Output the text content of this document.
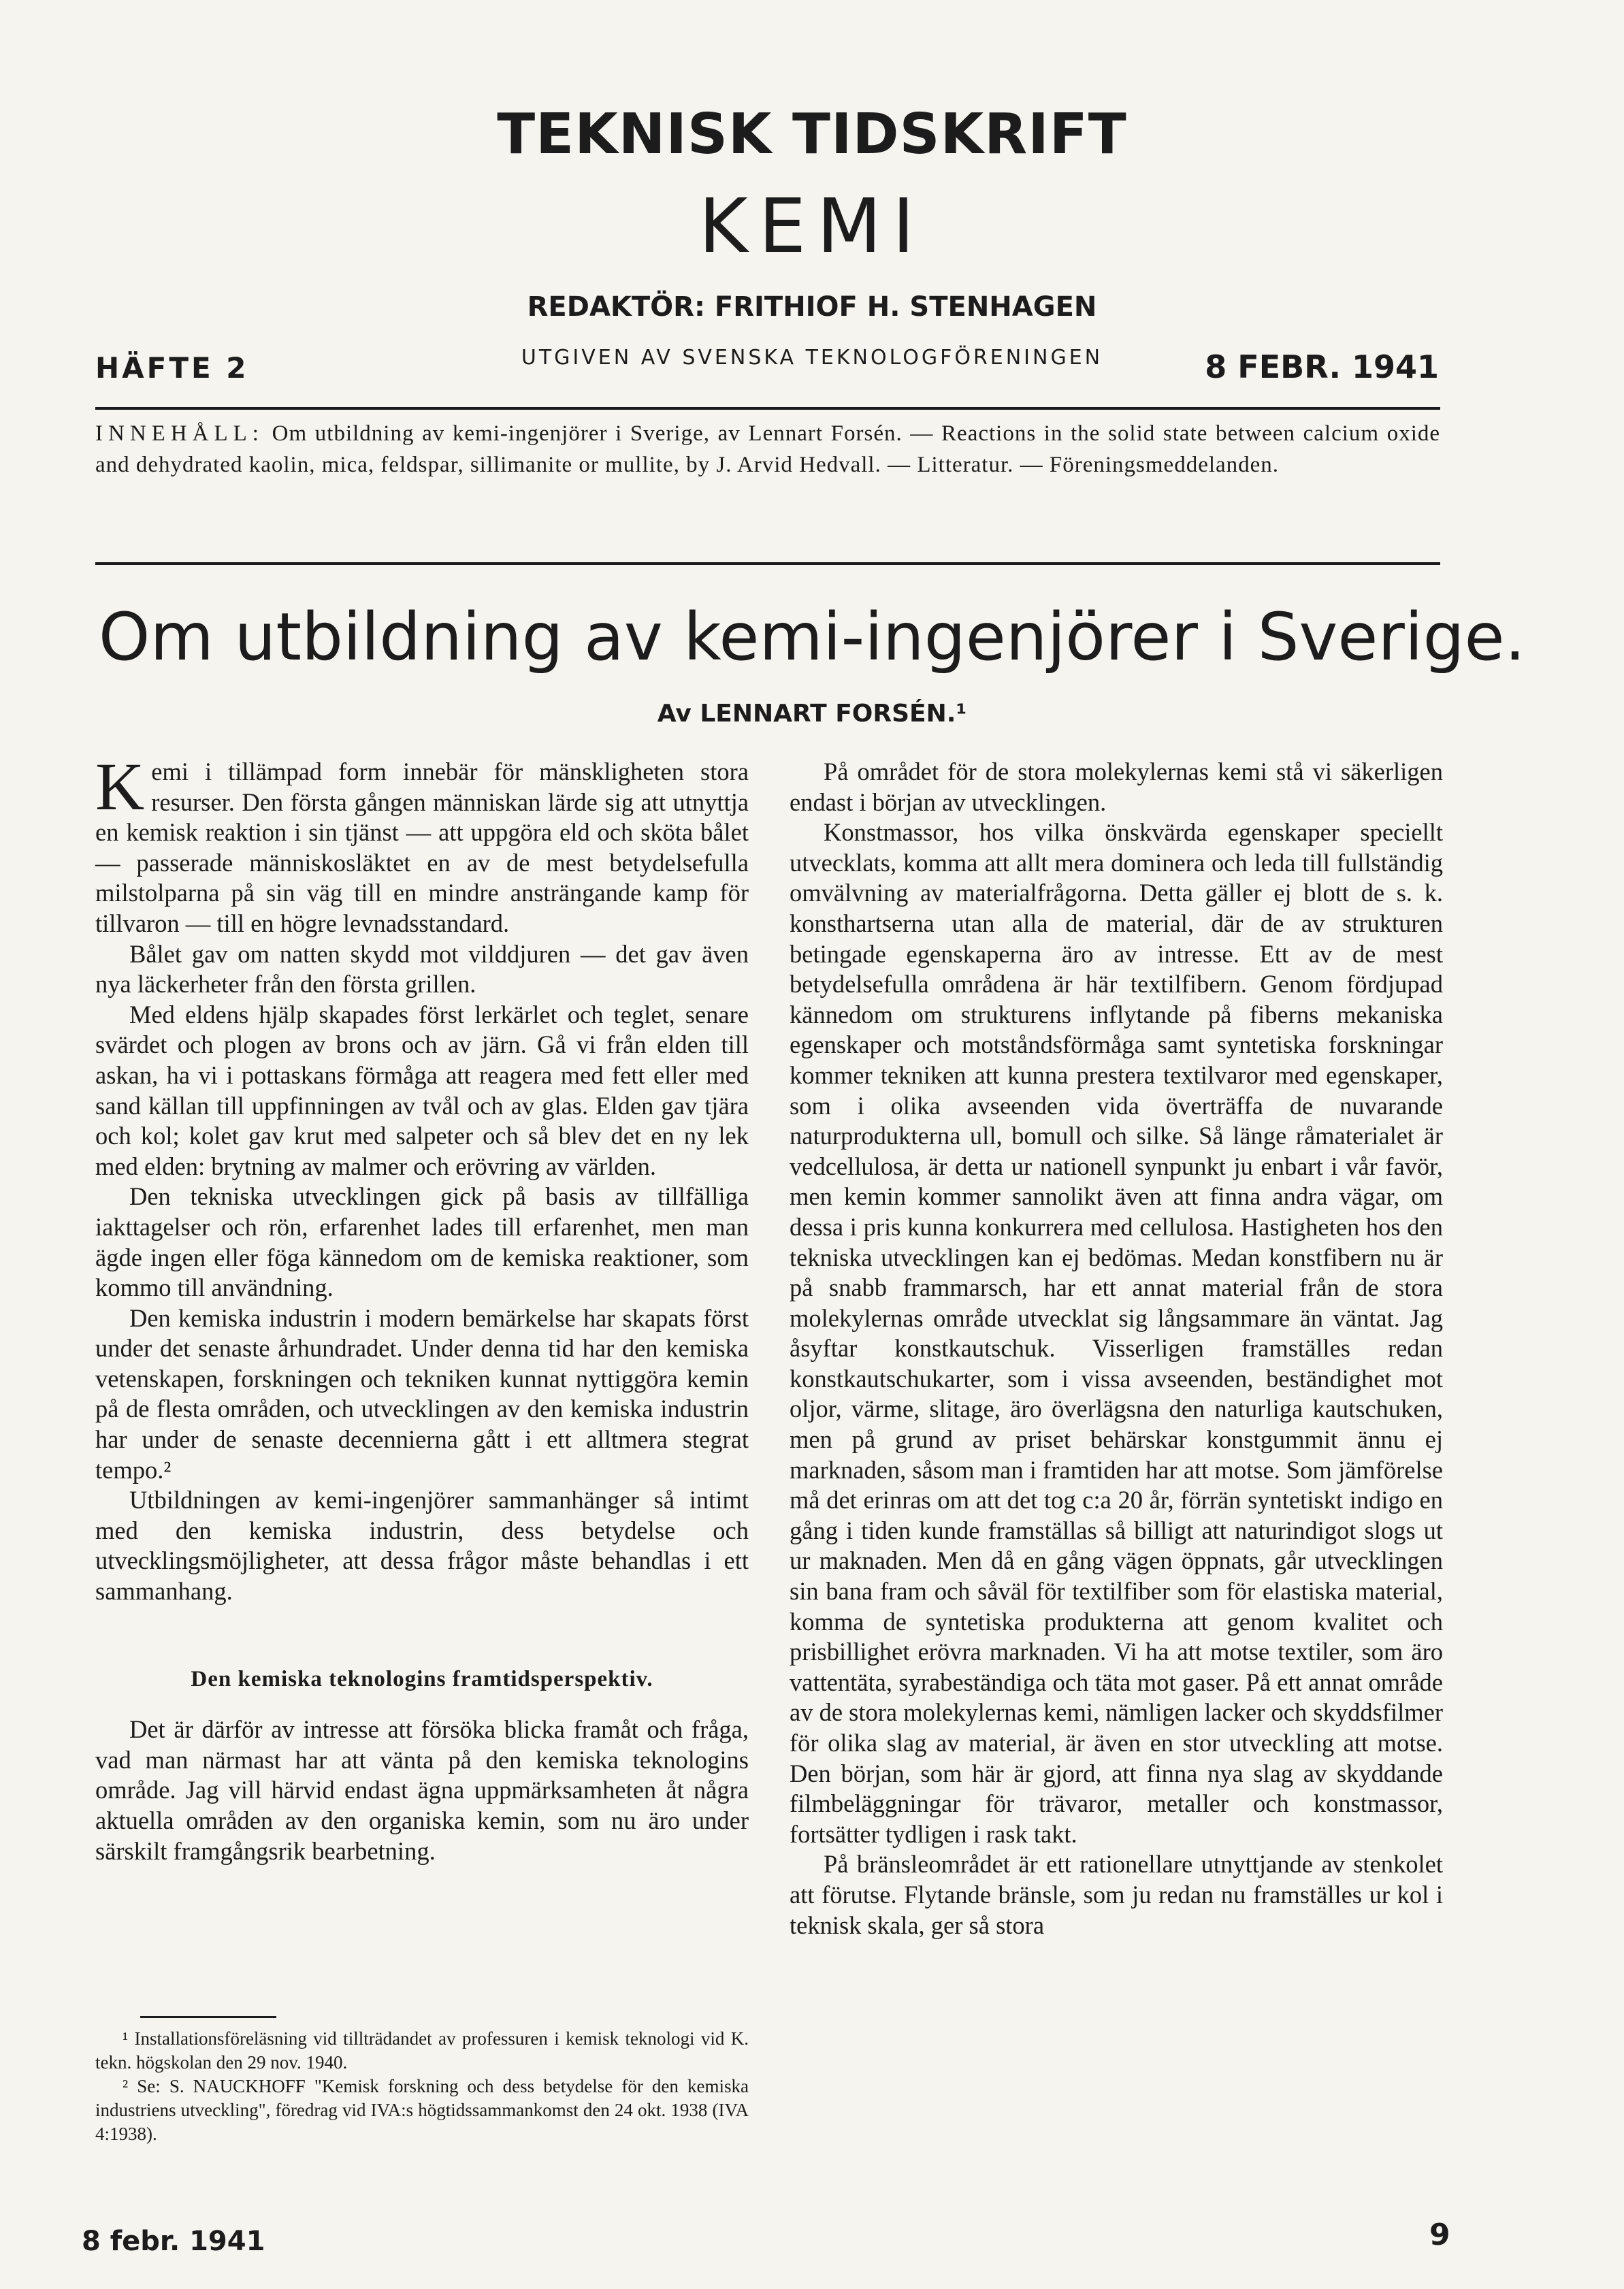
TEKNISK TIDSKRIFT
KEMI
REDAKTÖR: FRITHIOF H. STENHAGEN
HÄFTE 2	UTGIVEN AV SVENSKA TEKNOLOGFÖRENINGEN	8 FEBR. 1941
INNEHÅLL: Om utbildning av kemi-ingenjörer i Sverige, av Lennart Forsén. — Reactions in the solid state between calcium oxide and dehydrated kaolin, mica, feldspar, sillimanite or mullite, by J. Arvid Hedvall. — Litteratur. — Föreningsmeddelanden.
Om utbildning av kemi-ingenjörer i Sverige.
Av LENNART FORSÉN.¹

Kemi i tillämpad form innebär för mänskligheten stora resurser. Den första gången människan lärde sig att utnyttja en kemisk reaktion i sin tjänst — att uppgöra eld och sköta bålet — passerade människosläktet en av de mest betydelsefulla milstolparna på sin väg till en mindre ansträngande kamp för tillvaron — till en högre levnadsstandard.

Bålet gav om natten skydd mot vilddjuren — det gav även nya läckerheter från den första grillen.

Med eldens hjälp skapades först lerkärlet och teglet, senare svärdet och plogen av brons och av järn. Gå vi från elden till askan, ha vi i pottaskans förmåga att reagera med fett eller med sand källan till uppfinningen av tvål och av glas. Elden gav tjära och kol; kolet gav krut med salpeter och så blev det en ny lek med elden: brytning av malmer och erövring av världen.

Den tekniska utvecklingen gick på basis av tillfälliga iakttagelser och rön, erfarenhet lades till erfarenhet, men man ägde ingen eller föga kännedom om de kemiska reaktioner, som kommo till användning.

Den kemiska industrin i modern bemärkelse har skapats först under det senaste århundradet. Under denna tid har den kemiska vetenskapen, forskningen och tekniken kunnat nyttiggöra kemin på de flesta områden, och utvecklingen av den kemiska industrin har under de senaste decennierna gått i ett alltmera stegrat tempo.²

Utbildningen av kemi-ingenjörer sammanhänger så intimt med den kemiska industrin, dess betydelse och utvecklingsmöjligheter, att dessa frågor måste behandlas i ett sammanhang.

Den kemiska teknologins framtidsperspektiv.

Det är därför av intresse att försöka blicka framåt och fråga, vad man närmast har att vänta på den kemiska teknologins område. Jag vill härvid endast ägna uppmärksamheten åt några aktuella områden av den organiska kemin, som nu äro under särskilt framgångsrik bearbetning.

På området för de stora molekylernas kemi stå vi säkerligen endast i början av utvecklingen.

Konstmassor, hos vilka önskvärda egenskaper speciellt utvecklats, komma att allt mera dominera och leda till fullständig omvälvning av materialfrågorna. Detta gäller ej blott de s. k. konsthartserna utan alla de material, där de av strukturen betingade egenskaperna äro av intresse. Ett av de mest betydelsefulla områdena är här textilfibern. Genom fördjupad kännedom om strukturens inflytande på fiberns mekaniska egenskaper och motståndsförmåga samt syntetiska forskningar kommer tekniken att kunna prestera textilvaror med egenskaper, som i olika avseenden vida överträffa de nuvarande naturprodukterna ull, bomull och silke. Så länge råmaterialet är vedcellulosa, är detta ur nationell synpunkt ju enbart i vår favör, men kemin kommer sannolikt även att finna andra vägar, om dessa i pris kunna konkurrera med cellulosa. Hastigheten hos den tekniska utvecklingen kan ej bedömas. Medan konstfibern nu är på snabb frammarsch, har ett annat material från de stora molekylernas område utvecklat sig långsammare än väntat. Jag åsyftar konstkautschuk. Visserligen framställes redan konstkautschukarter, som i vissa avseenden, beständighet mot oljor, värme, slitage, äro överlägsna den naturliga kautschuken, men på grund av priset behärskar konstgummit ännu ej marknaden, såsom man i framtiden har att motse. Som jämförelse må det erinras om att det tog c:a 20 år, förrän syntetiskt indigo en gång i tiden kunde framställas så billigt att naturindigot slogs ut ur maknaden. Men då en gång vägen öppnats, går utvecklingen sin bana fram och såväl för textilfiber som för elastiska material, komma de syntetiska produkterna att genom kvalitet och prisbillighet erövra marknaden. Vi ha att motse textiler, som äro vattentäta, syrabeständiga och täta mot gaser. På ett annat område av de stora molekylernas kemi, nämligen lacker och skyddsfilmer för olika slag av material, är även en stor utveckling att motse. Den början, som här är gjord, att finna nya slag av skyddande filmbeläggningar för trävaror, metaller och konstmassor, fortsätter tydligen i rask takt.

På bränsleområdet är ett rationellare utnyttjande av stenkolet att förutse. Flytande bränsle, som ju redan nu framställes ur kol i teknisk skala, ger så stora

¹ Installationsföreläsning vid tillträdandet av professuren i kemisk teknologi vid K. tekn. högskolan den 29 nov. 1940.

² Se: S. NAUCKHOFF "Kemisk forskning och dess betydelse för den kemiska industriens utveckling", föredrag vid IVA:s högtidssammankomst den 24 okt. 1938 (IVA 4:1938).

8 febr. 1941	9
